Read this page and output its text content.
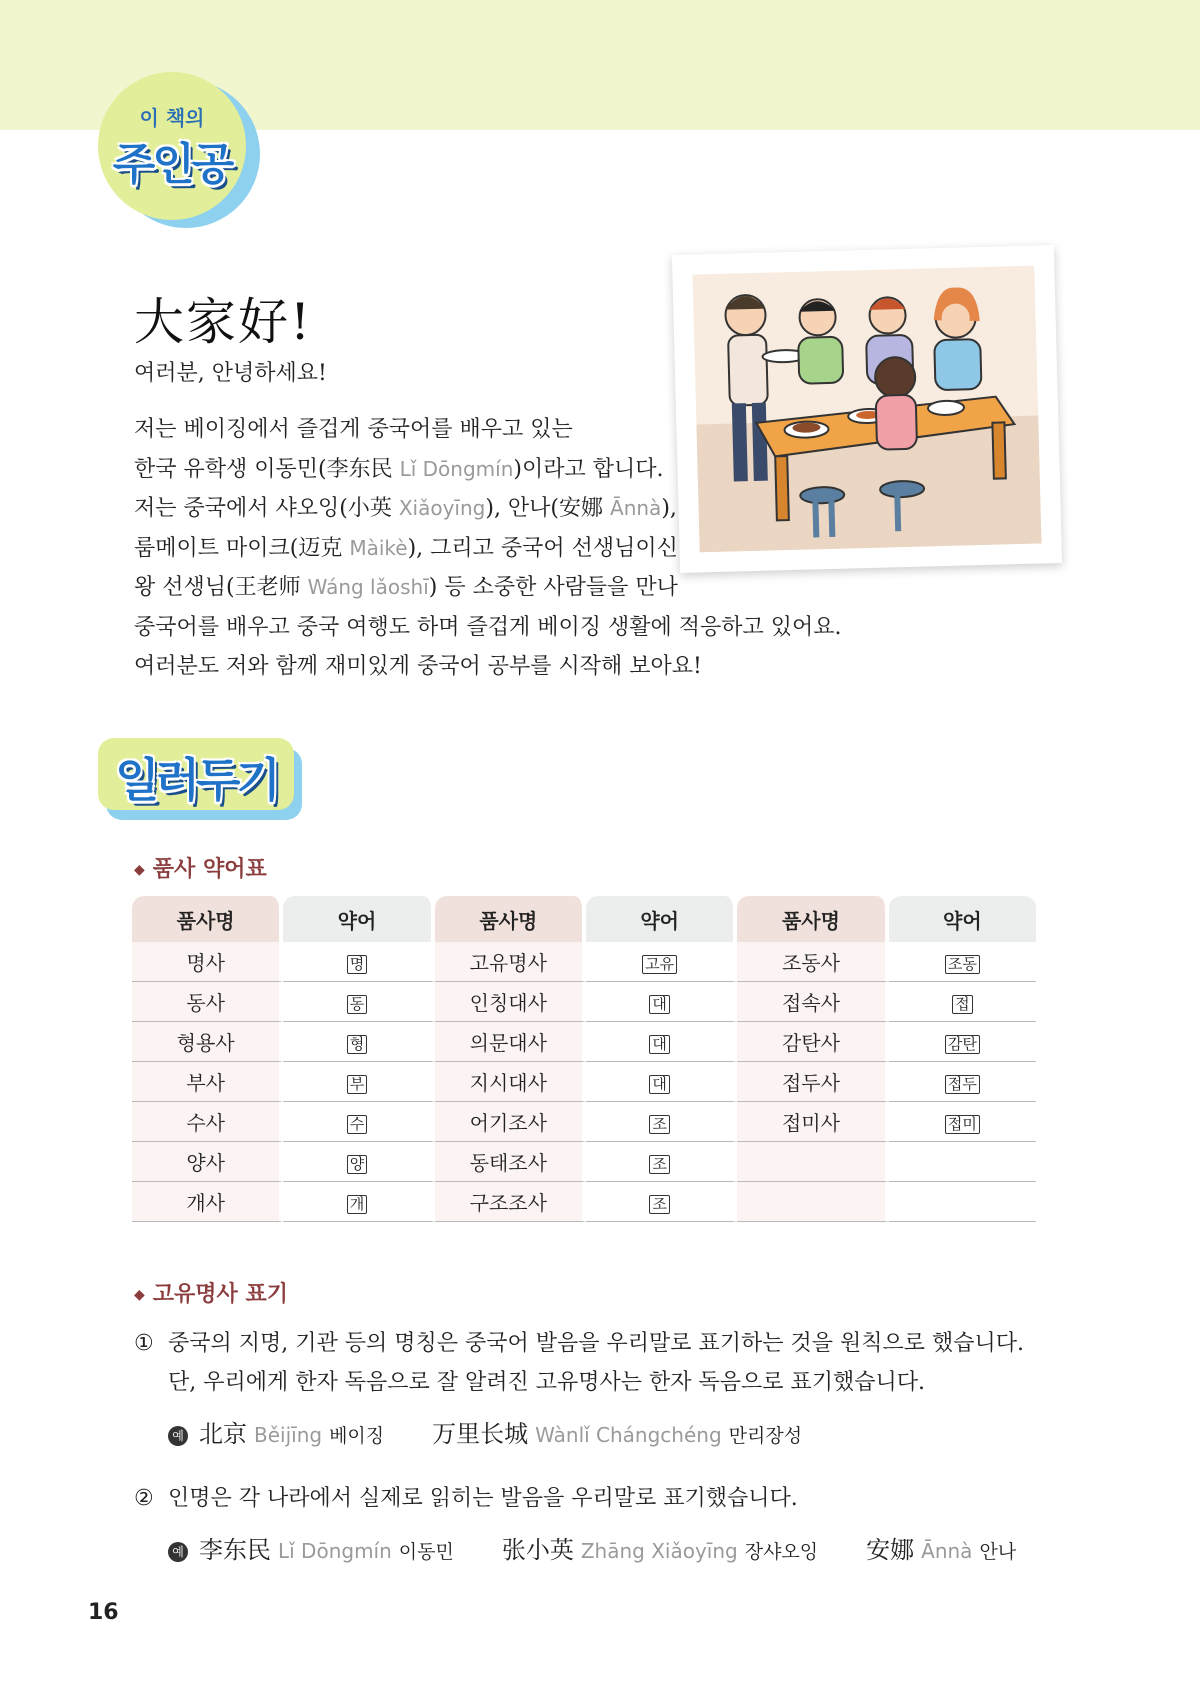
이 책의
주인공
大家好!
여러분, 안녕하세요!

저는 베이징에서 즐겁게 중국어를 배우고 있는
한국 유학생 이동민(李东民 Lǐ Dōngmín)이라고 합니다.
저는 중국에서 샤오잉(小英 Xiǎoyīng), 안나(安娜 Ānnà),
룸메이트 마이크(迈克 Màikè), 그리고 중국어 선생님이신
왕 선생님(王老师 Wáng lǎoshī) 등 소중한 사람들을 만나
중국어를 배우고 중국 여행도 하며 즐겁게 베이징 생활에 적응하고 있어요.
여러분도 저와 함께 재미있게 중국어 공부를 시작해 보아요!

일러두기
◆ 품사 약어표
품사명	약어	품사명	약어	품사명	약어
명사	명	고유명사	고유	조동사	조동
동사	동	인칭대사	대	접속사	접
형용사	형	의문대사	대	감탄사	감탄
부사	부	지시대사	대	접두사	접두
수사	수	어기조사	조	접미사	접미
양사	양	동태조사	조		
개사	개	구조조사	조		
◆ 고유명사 표기
① 중국의 지명, 기관 등의 명칭은 중국어 발음을 우리말로 표기하는 것을 원칙으로 했습니다.
단, 우리에게 한자 독음으로 잘 알려진 고유명사는 한자 독음으로 표기했습니다.
예 北京 Běijīng 베이징 万里长城 Wànlǐ Chángchéng 만리장성
② 인명은 각 나라에서 실제로 읽히는 발음을 우리말로 표기했습니다.
예 李东民 Lǐ Dōngmín 이동민 张小英 Zhāng Xiǎoyīng 장샤오잉 安娜 Ānnà 안나
16
